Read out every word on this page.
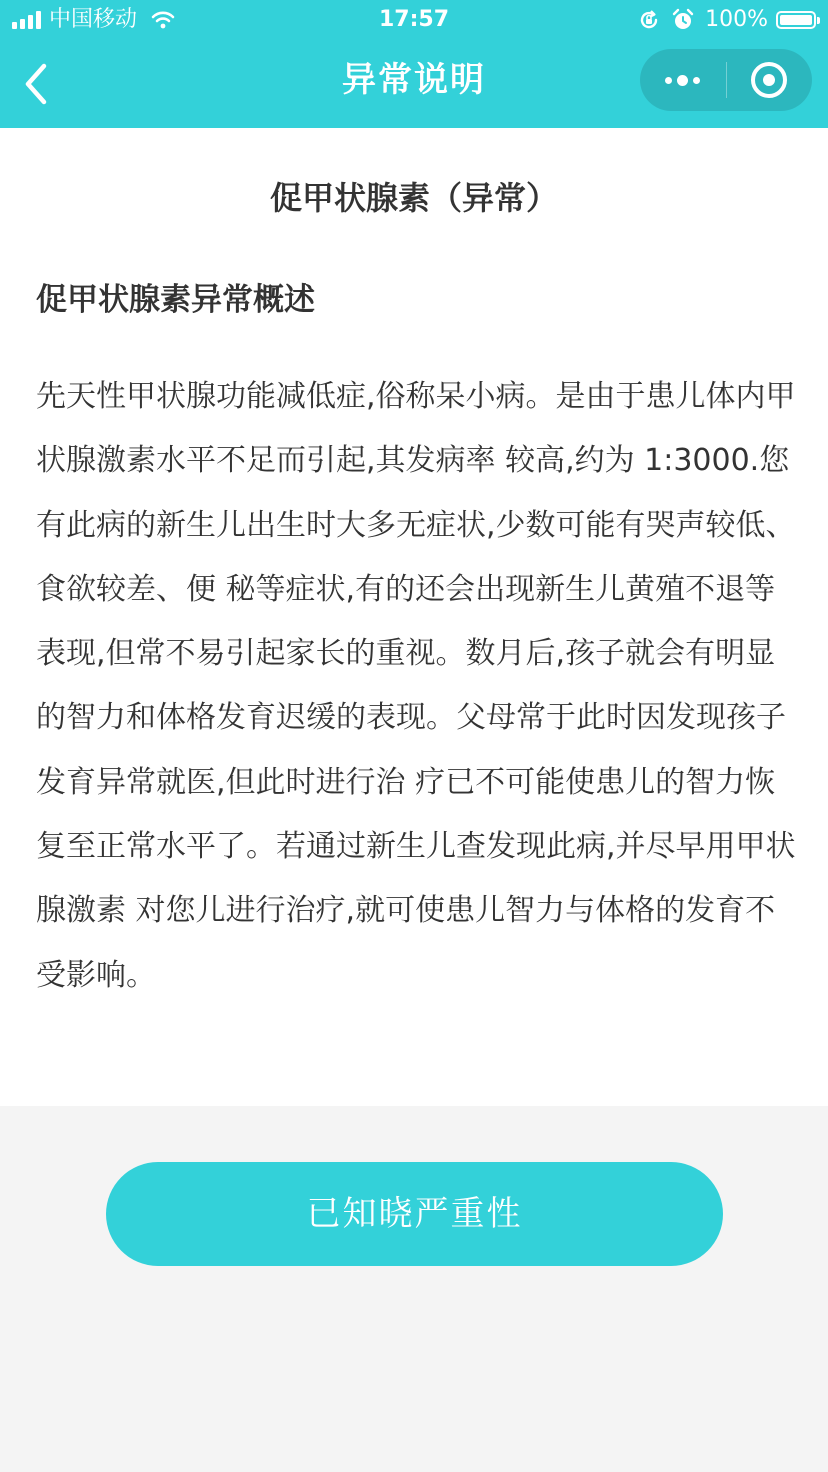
中国移动	17:57	100%
异常说明
促甲状腺素（异常）
促甲状腺素异常概述

先天性甲状腺功能减低症,俗称呆小病。是由于患儿体内甲状腺激素水平不足而引起,其发病率 较高,约为 1:3000.您有此病的新生儿出生时大多无症状,少数可能有哭声较低、食欲较差、便 秘等症状,有的还会出现新生儿黄殖不退等表现,但常不易引起家长的重视。数月后,孩子就会有明显的智力和体格发育迟缓的表现。父母常于此时因发现孩子发育异常就医,但此时进行治 疗已不可能使患儿的智力恢复至正常水平了。若通过新生儿查发现此病,并尽早用甲状腺激素 对您儿进行治疗,就可使患儿智力与体格的发育不受影响。

已知晓严重性
